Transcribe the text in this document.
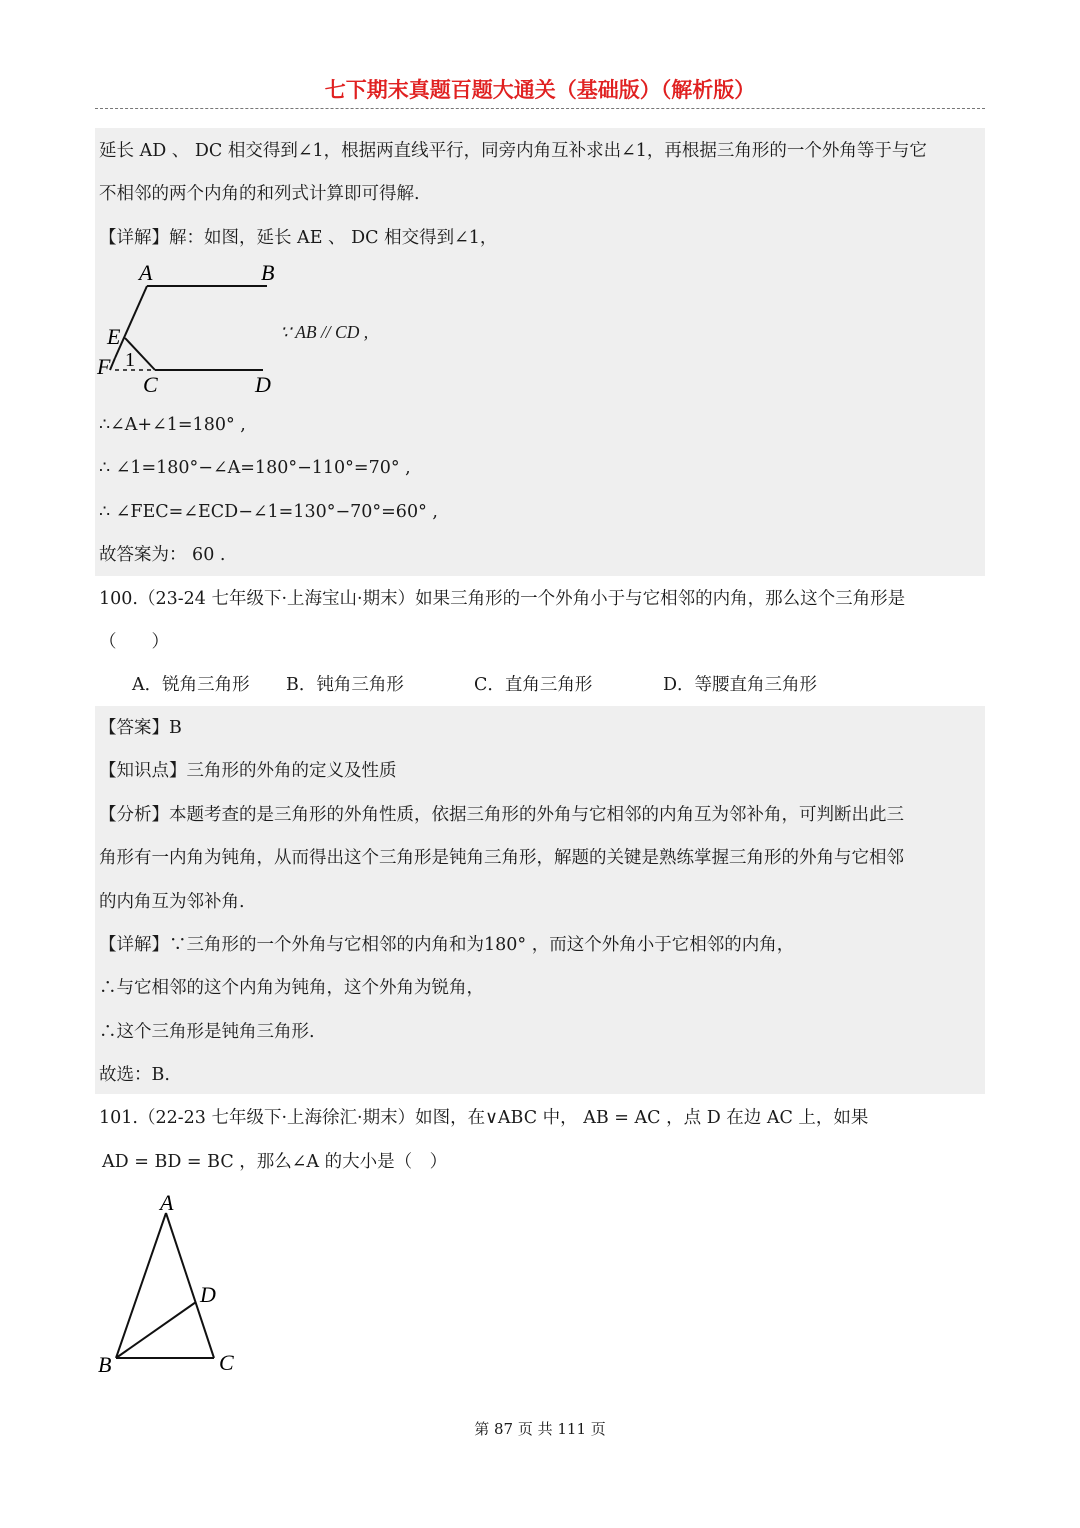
七下期末真题百题大通关（基础版）（解析版）
延长 AD 、 DC 相交得到∠1，根据两直线平行，同旁内角互补求出∠1，再根据三角形的一个外角等于与它
不相邻的两个内角的和列式计算即可得解.
【详解】解：如图，延长 AE 、 DC 相交得到∠1，
A	B
E
F 1
C	D
∵ AB // CD ,
∴∠A+∠1=180° ,
∴ ∠1=180°−∠A=180°−110°=70° ,
∴ ∠FEC=∠ECD−∠1=130°−70°=60° ,
故答案为： 60 .
100.（23-24 七年级下·上海宝山·期末）如果三角形的一个外角小于与它相邻的内角，那么这个三角形是
（　　）
A．锐角三角形 B．钝角三角形	C．直角三角形	D．等腰直角三角形
【答案】B
【知识点】三角形的外角的定义及性质
【分析】本题考查的是三角形的外角性质，依据三角形的外角与它相邻的内角互为邻补角，可判断出此三
角形有一内角为钝角，从而得出这个三角形是钝角三角形，解题的关键是熟练掌握三角形的外角与它相邻
的内角互为邻补角.
【详解】∵三角形的一个外角与它相邻的内角和为180° ，而这个外角小于它相邻的内角，
∴与它相邻的这个内角为钝角，这个外角为锐角，
∴这个三角形是钝角三角形.
故选：B.
101.（22-23 七年级下·上海徐汇·期末）如图，在∨ABC 中， AB = AC ，点 D 在边 AC 上，如果
AD = BD = BC ，那么∠A 的大小是（　）
A
D
B	C
第 87 页 共 111 页
